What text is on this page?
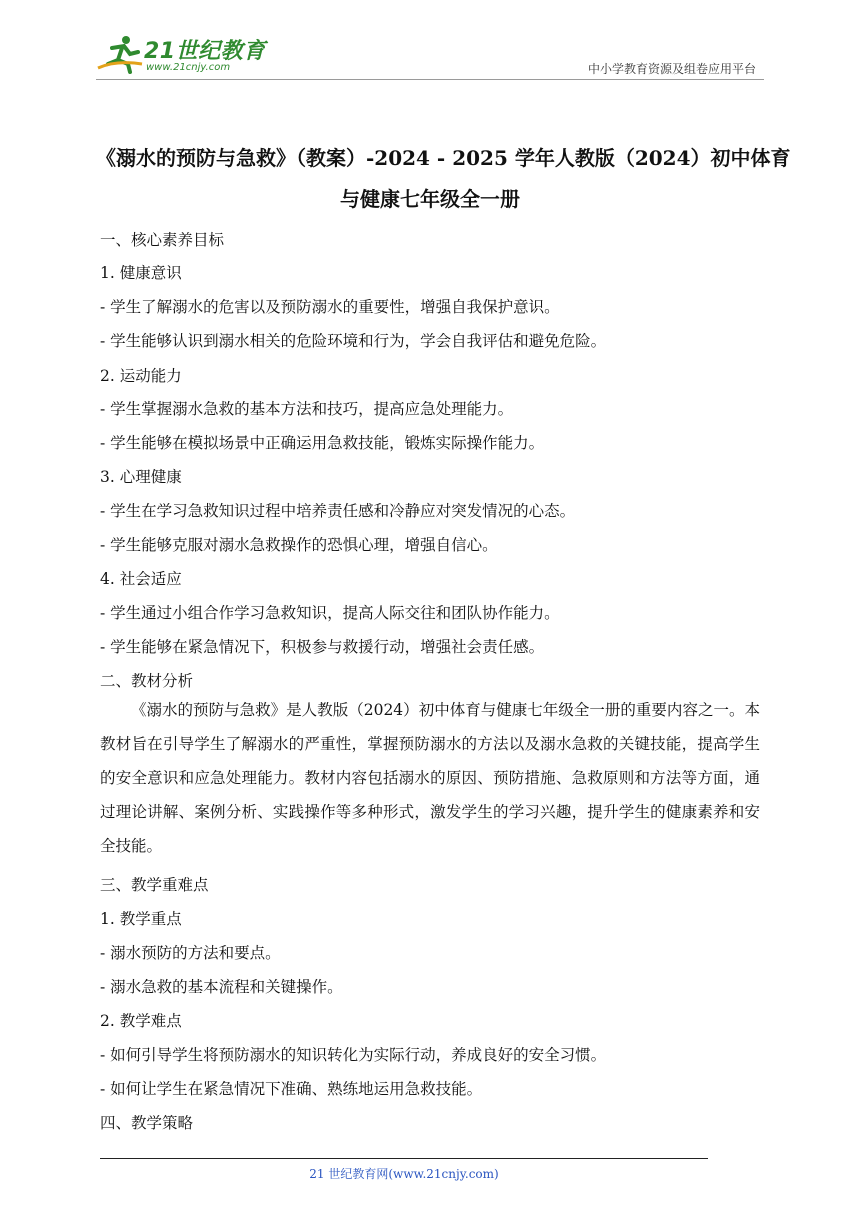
21世纪教育
www.21cnjy.com	中小学教育资源及组卷应用平台
《溺水的预防与急救》（教案）-2024 - 2025 学年人教版（2024）初中体育
与健康七年级全一册
一、核心素养目标
1. 健康意识
- 学生了解溺水的危害以及预防溺水的重要性，增强自我保护意识。
- 学生能够认识到溺水相关的危险环境和行为，学会自我评估和避免危险。
2. 运动能力
- 学生掌握溺水急救的基本方法和技巧，提高应急处理能力。
- 学生能够在模拟场景中正确运用急救技能，锻炼实际操作能力。
3. 心理健康
- 学生在学习急救知识过程中培养责任感和冷静应对突发情况的心态。
- 学生能够克服对溺水急救操作的恐惧心理，增强自信心。
4. 社会适应
- 学生通过小组合作学习急救知识，提高人际交往和团队协作能力。
- 学生能够在紧急情况下，积极参与救援行动，增强社会责任感。
二、教材分析
《溺水的预防与急救》是人教版（2024）初中体育与健康七年级全一册的重要内容之一。本教材旨在引导学生了解溺水的严重性，掌握预防溺水的方法以及溺水急救的关键技能，提高学生的安全意识和应急处理能力。教材内容包括溺水的原因、预防措施、急救原则和方法等方面，通过理论讲解、案例分析、实践操作等多种形式，激发学生的学习兴趣，提升学生的健康素养和安全技能。
三、教学重难点
1. 教学重点
- 溺水预防的方法和要点。
- 溺水急救的基本流程和关键操作。
2. 教学难点
- 如何引导学生将预防溺水的知识转化为实际行动，养成良好的安全习惯。
- 如何让学生在紧急情况下准确、熟练地运用急救技能。
四、教学策略
21 世纪教育网(www.21cnjy.com)
